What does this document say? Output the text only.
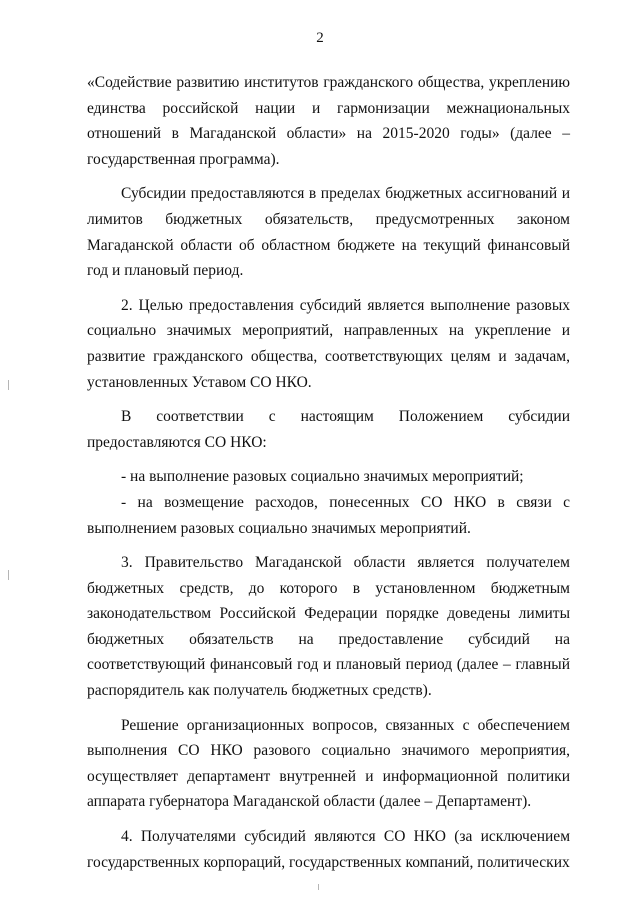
2

«Содействие развитию институтов гражданского общества, укреплению единства российской нации и гармонизации межнациональных отношений в Магаданской области» на 2015-2020 годы» (далее – государственная программа).

Субсидии предоставляются в пределах бюджетных ассигнований и лимитов бюджетных обязательств, предусмотренных законом Магаданской области об областном бюджете на текущий финансовый год и плановый период.

2. Целью предоставления субсидий является выполнение разовых социально значимых мероприятий, направленных на укрепление и развитие гражданского общества, соответствующих целям и задачам, установленных Уставом СО НКО.

В соответствии с настоящим Положением субсидии предоставляются СО НКО:

- на выполнение разовых социально значимых мероприятий;

- на возмещение расходов, понесенных СО НКО в связи с выполнением разовых социально значимых мероприятий.

3. Правительство Магаданской области является получателем бюджетных средств, до которого в установленном бюджетным законодательством Российской Федерации порядке доведены лимиты бюджетных обязательств на предоставление субсидий на соответствующий финансовый год и плановый период (далее – главный распорядитель как получатель бюджетных средств).

Решение организационных вопросов, связанных с обеспечением выполнения СО НКО разового социально значимого мероприятия, осуществляет департамент внутренней и информационной политики аппарата губернатора Магаданской области (далее – Департамент).

4. Получателями субсидий являются СО НКО (за исключением государственных корпораций, государственных компаний, политических
